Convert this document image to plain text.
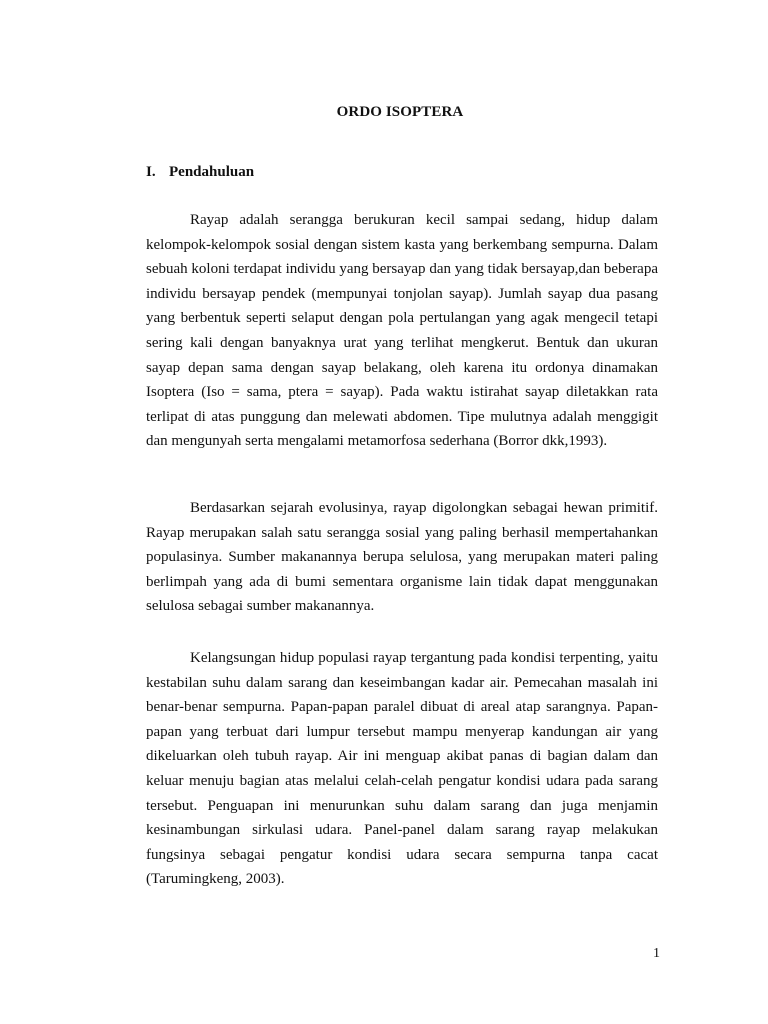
ORDO ISOPTERA
I. Pendahuluan

Rayap adalah serangga berukuran kecil sampai sedang, hidup dalam kelompok-kelompok sosial dengan sistem kasta yang berkembang sempurna. Dalam sebuah koloni terdapat individu yang bersayap dan yang tidak bersayap,dan beberapa individu bersayap pendek (mempunyai tonjolan sayap). Jumlah sayap dua pasang yang berbentuk seperti selaput dengan pola pertulangan yang agak mengecil tetapi sering kali dengan banyaknya urat yang terlihat mengkerut. Bentuk dan ukuran sayap depan sama dengan sayap belakang, oleh karena itu ordonya dinamakan Isoptera (Iso = sama, ptera = sayap). Pada waktu istirahat sayap diletakkan rata terlipat di atas punggung dan melewati abdomen. Tipe mulutnya adalah menggigit dan mengunyah serta mengalami metamorfosa sederhana (Borror dkk,1993).

Berdasarkan sejarah evolusinya, rayap digolongkan sebagai hewan primitif. Rayap merupakan salah satu serangga sosial yang paling berhasil mempertahankan populasinya. Sumber makanannya berupa selulosa, yang merupakan materi paling berlimpah yang ada di bumi sementara organisme lain tidak dapat menggunakan selulosa sebagai sumber makanannya.

Kelangsungan hidup populasi rayap tergantung pada kondisi terpenting, yaitu kestabilan suhu dalam sarang dan keseimbangan kadar air. Pemecahan masalah ini benar-benar sempurna. Papan-papan paralel dibuat di areal atap sarangnya. Papan-papan yang terbuat dari lumpur tersebut mampu menyerap kandungan air yang dikeluarkan oleh tubuh rayap. Air ini menguap akibat panas di bagian dalam dan keluar menuju bagian atas melalui celah-celah pengatur kondisi udara pada sarang tersebut. Penguapan ini menurunkan suhu dalam sarang dan juga menjamin kesinambungan sirkulasi udara. Panel-panel dalam sarang rayap melakukan fungsinya sebagai pengatur kondisi udara secara sempurna tanpa cacat (Tarumingkeng, 2003).

1
